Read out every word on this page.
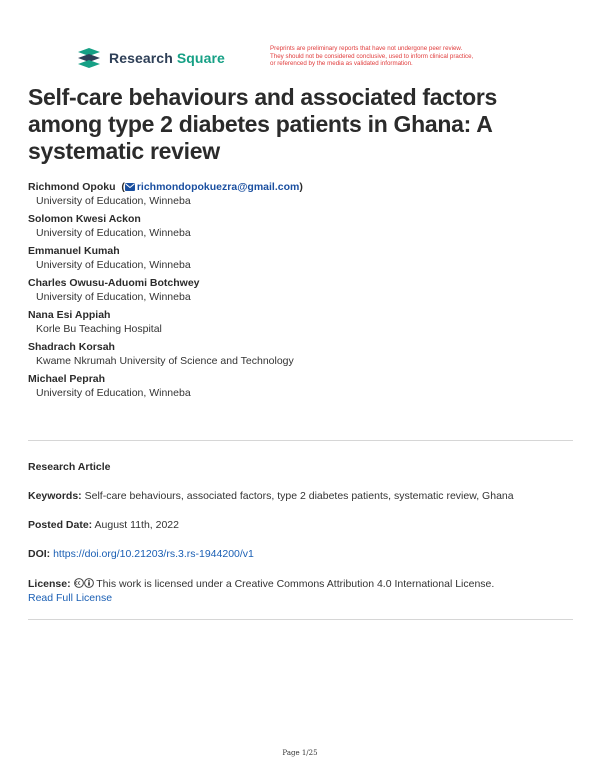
Research Square
Preprints are preliminary reports that have not undergone peer review.
They should not be considered conclusive, used to inform clinical practice,
or referenced by the media as validated information.
Self-care behaviours and associated factors among type 2 diabetes patients in Ghana: A systematic review
Richmond Opoku  ( richmondopokuezra@gmail.com)
University of Education, Winneba
Solomon Kwesi Ackon
University of Education, Winneba
Emmanuel Kumah
University of Education, Winneba
Charles Owusu-Aduomi Botchwey
University of Education, Winneba
Nana Esi Appiah
Korle Bu Teaching Hospital
Shadrach Korsah
Kwame Nkrumah University of Science and Technology
Michael Peprah
University of Education, Winneba
Research Article
Keywords: Self-care behaviours, associated factors, type 2 diabetes patients, systematic review, Ghana
Posted Date: August 11th, 2022
DOI: https://doi.org/10.21203/rs.3.rs-1944200/v1
License: This work is licensed under a Creative Commons Attribution 4.0 International License.
Read Full License
Page 1/25
